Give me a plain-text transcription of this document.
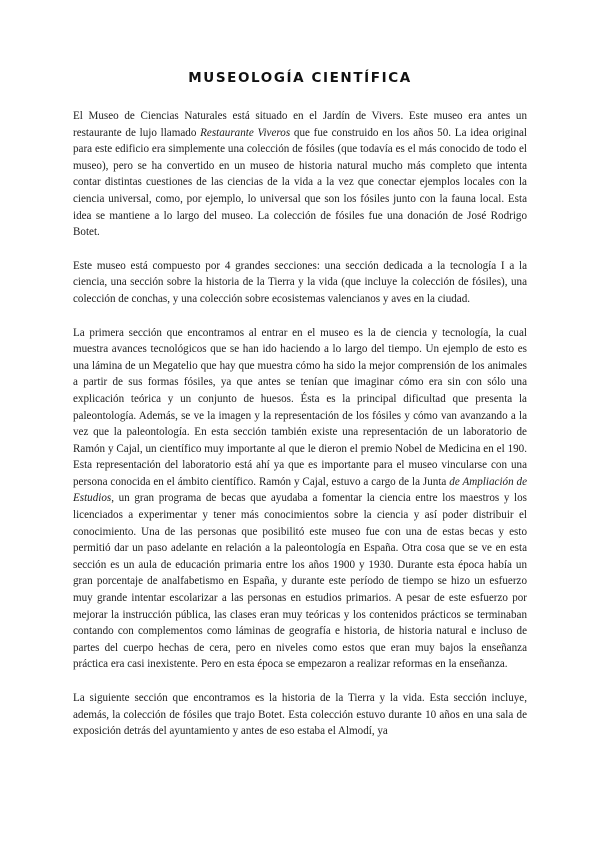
MUSEOLOGÍA CIENTÍFICA

El Museo de Ciencias Naturales está situado en el Jardín de Vivers. Este museo era antes un restaurante de lujo llamado Restaurante Viveros que fue construido en los años 50. La idea original para este edificio era simplemente una colección de fósiles (que todavía es el más conocido de todo el museo), pero se ha convertido en un museo de historia natural mucho más completo que intenta contar distintas cuestiones de las ciencias de la vida a la vez que conectar ejemplos locales con la ciencia universal, como, por ejemplo, lo universal que son los fósiles junto con la fauna local. Esta idea se mantiene a lo largo del museo. La colección de fósiles fue una donación de José Rodrigo Botet.

Este museo está compuesto por 4 grandes secciones: una sección dedicada a la tecnología I a la ciencia, una sección sobre la historia de la Tierra y la vida (que incluye la colección de fósiles), una colección de conchas, y una colección sobre ecosistemas valencianos y aves en la ciudad.

La primera sección que encontramos al entrar en el museo es la de ciencia y tecnología, la cual muestra avances tecnológicos que se han ido haciendo a lo largo del tiempo. Un ejemplo de esto es una lámina de un Megatelio que hay que muestra cómo ha sido la mejor comprensión de los animales a partir de sus formas fósiles, ya que antes se tenían que imaginar cómo era sin con sólo una explicación teórica y un conjunto de huesos. Ésta es la principal dificultad que presenta la paleontología. Además, se ve la imagen y la representación de los fósiles y cómo van avanzando a la vez que la paleontología. En esta sección también existe una representación de un laboratorio de Ramón y Cajal, un científico muy importante al que le dieron el premio Nobel de Medicina en el 190. Esta representación del laboratorio está ahí ya que es importante para el museo vincularse con una persona conocida en el ámbito científico. Ramón y Cajal, estuvo a cargo de la Junta de Ampliación de Estudios, un gran programa de becas que ayudaba a fomentar la ciencia entre los maestros y los licenciados a experimentar y tener más conocimientos sobre la ciencia y así poder distribuir el conocimiento. Una de las personas que posibilitó este museo fue con una de estas becas y esto permitió dar un paso adelante en relación a la paleontología en España. Otra cosa que se ve en esta sección es un aula de educación primaria entre los años 1900 y 1930. Durante esta época había un gran porcentaje de analfabetismo en España, y durante este período de tiempo se hizo un esfuerzo muy grande intentar escolarizar a las personas en estudios primarios. A pesar de este esfuerzo por mejorar la instrucción pública, las clases eran muy teóricas y los contenidos prácticos se terminaban contando con complementos como láminas de geografía e historia, de historia natural e incluso de partes del cuerpo hechas de cera, pero en niveles como estos que eran muy bajos la enseñanza práctica era casi inexistente. Pero en esta época se empezaron a realizar reformas en la enseñanza.

La siguiente sección que encontramos es la historia de la Tierra y la vida. Esta sección incluye, además, la colección de fósiles que trajo Botet. Esta colección estuvo durante 10 años en una sala de exposición detrás del ayuntamiento y antes de eso estaba el Almodí, ya
